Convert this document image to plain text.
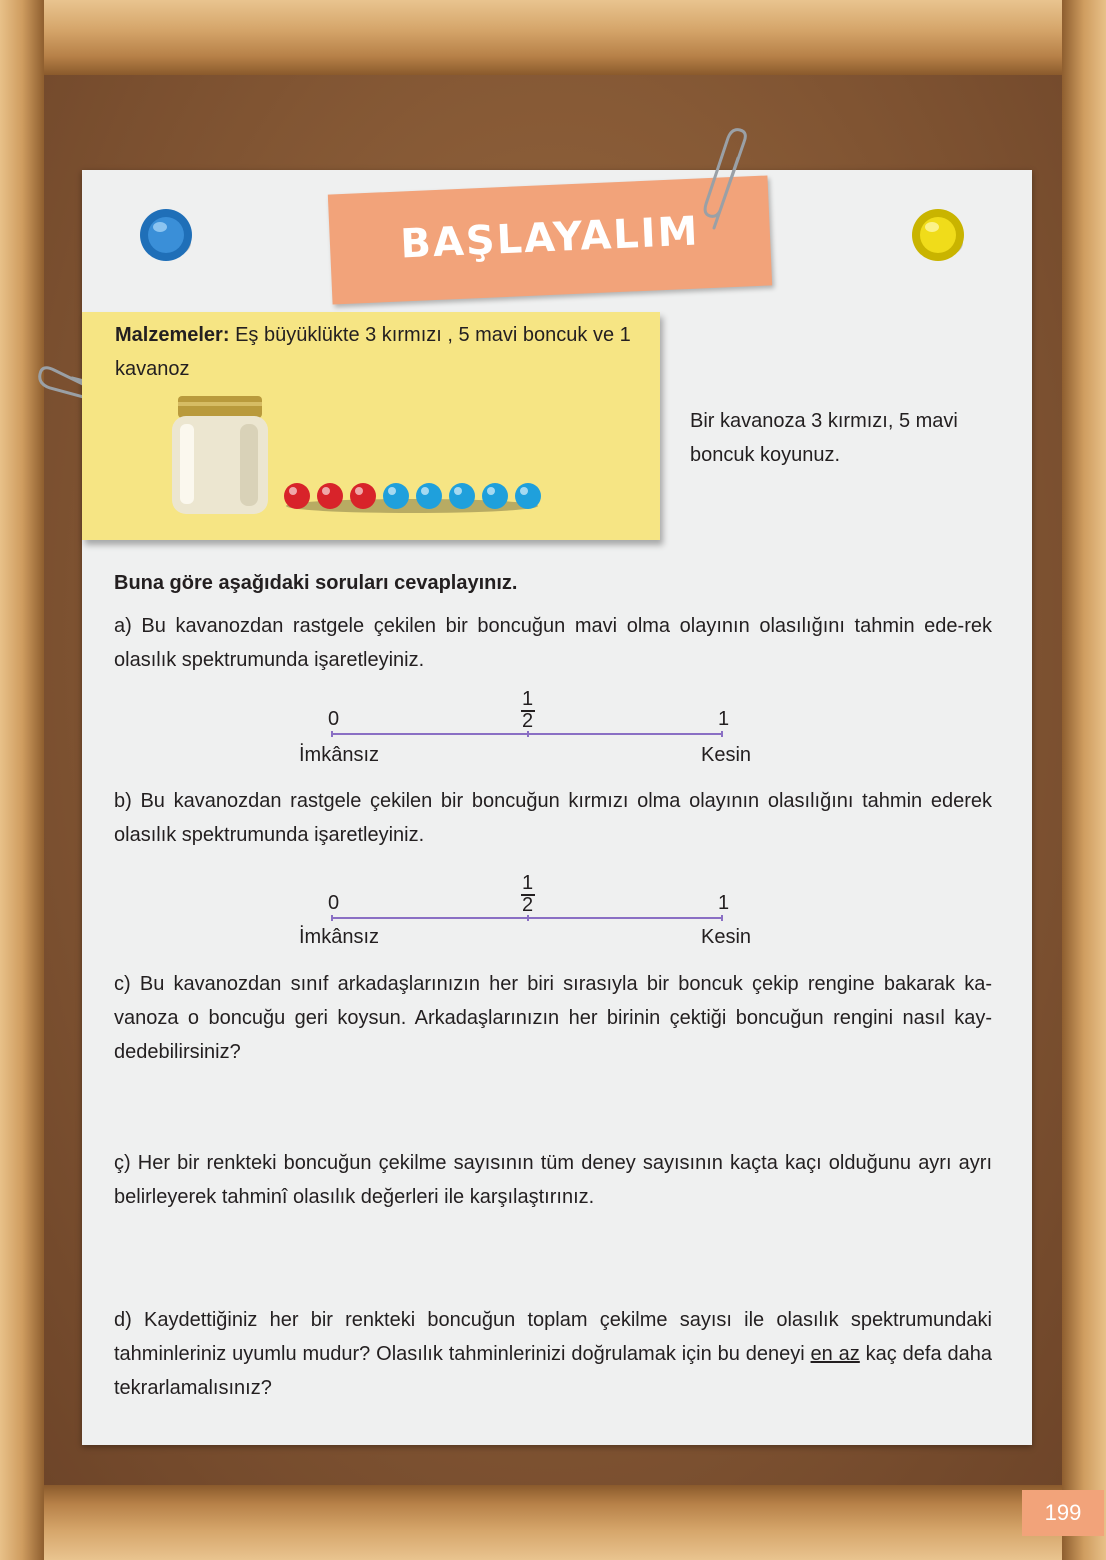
BAŞLAYALIM
Malzemeler: Eş büyüklükte 3 kırmızı , 5 mavi boncuk ve 1 kavanoz
Bir kavanoza 3 kırmızı, 5 mavi boncuk koyunuz.
Buna göre aşağıdaki soruları cevaplayınız.
a) Bu kavanozdan rastgele çekilen bir boncuğun mavi olma olayının olasılığını tahmin ede-rek olasılık spektrumunda işaretleyiniz.
0
1
2	1
İmkânsız	Kesin
b) Bu kavanozdan rastgele çekilen bir boncuğun kırmızı olma olayının olasılığını tahmin ederek olasılık spektrumunda işaretleyiniz.
0
1
2	1
İmkânsız	Kesin
c) Bu kavanozdan sınıf arkadaşlarınızın her biri sırasıyla bir boncuk çekip rengine bakarak ka-vanoza o boncuğu geri koysun. Arkadaşlarınızın her birinin çektiği boncuğun rengini nasıl kay-dedebilirsiniz?
ç) Her bir renkteki boncuğun çekilme sayısının tüm deney sayısının kaçta kaçı olduğunu ayrı ayrı belirleyerek tahminî olasılık değerleri ile karşılaştırınız.
d) Kaydettiğiniz her bir renkteki boncuğun toplam çekilme sayısı ile olasılık spektrumundaki tahminleriniz uyumlu mudur? Olasılık tahminlerinizi doğrulamak için bu deneyi en az kaç defa daha tekrarlamalısınız?
199
